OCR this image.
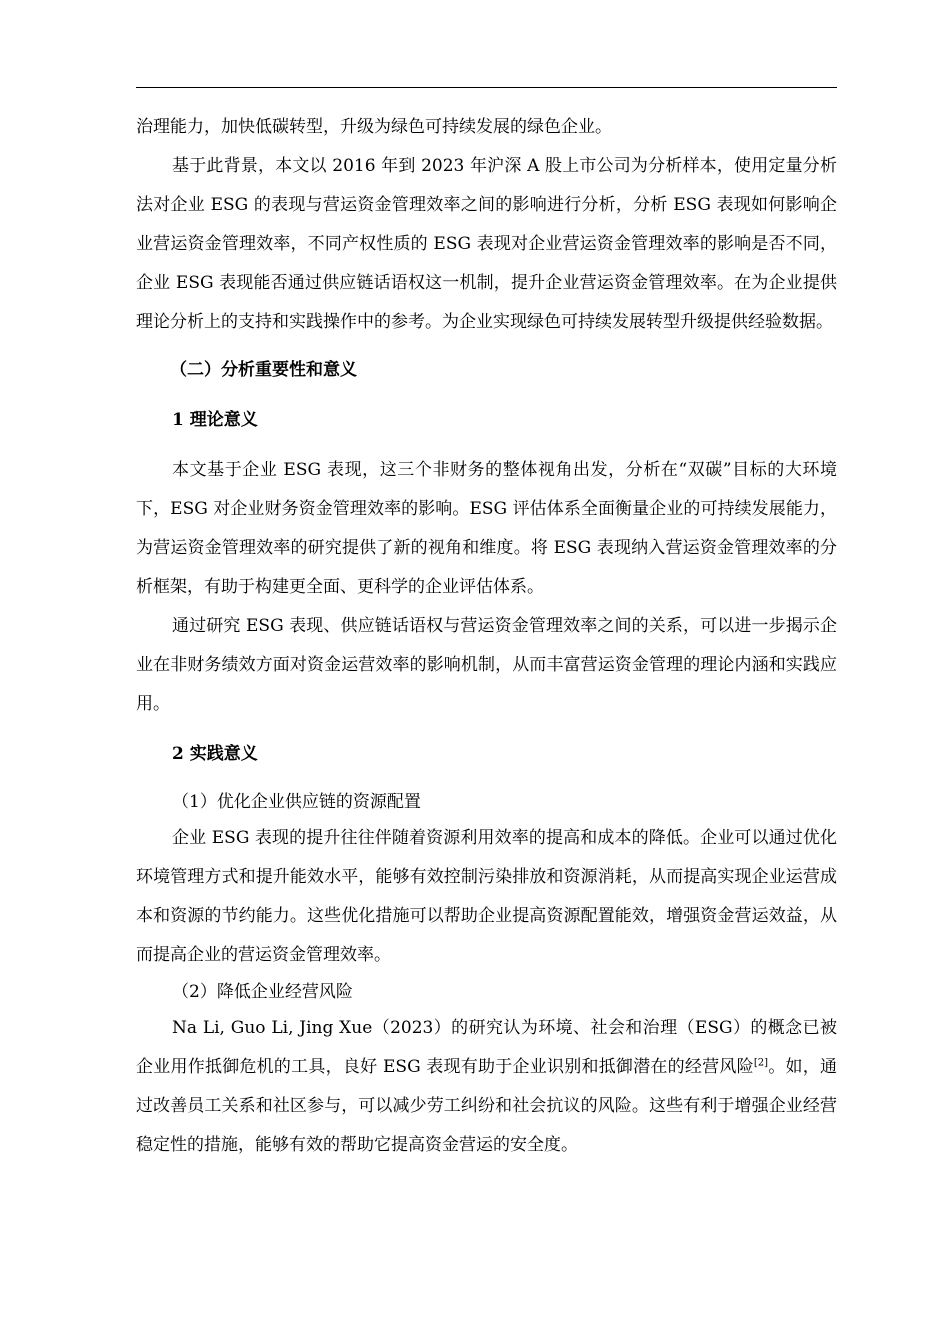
治理能力，加快低碳转型，升级为绿色可持续发展的绿色企业。

基于此背景，本文以 2016 年到 2023 年沪深 A 股上市公司为分析样本，使用定量分析法对企业 ESG 的表现与营运资金管理效率之间的影响进行分析，分析 ESG 表现如何影响企业营运资金管理效率，不同产权性质的 ESG 表现对企业营运资金管理效率的影响是否不同，企业 ESG 表现能否通过供应链话语权这一机制，提升企业营运资金管理效率。在为企业提供理论分析上的支持和实践操作中的参考。为企业实现绿色可持续发展转型升级提供经验数据。

（二）分析重要性和意义

1 理论意义

本文基于企业 ESG 表现，这三个非财务的整体视角出发，分析在“双碳”目标的大环境下，ESG 对企业财务资金管理效率的影响。ESG 评估体系全面衡量企业的可持续发展能力，为营运资金管理效率的研究提供了新的视角和维度。将 ESG 表现纳入营运资金管理效率的分析框架，有助于构建更全面、更科学的企业评估体系。

通过研究 ESG 表现、供应链话语权与营运资金管理效率之间的关系，可以进一步揭示企业在非财务绩效方面对资金运营效率的影响机制，从而丰富营运资金管理的理论内涵和实践应用。

2 实践意义

（1）优化企业供应链的资源配置

企业 ESG 表现的提升往往伴随着资源利用效率的提高和成本的降低。企业可以通过优化环境管理方式和提升能效水平，能够有效控制污染排放和资源消耗，从而提高实现企业运营成本和资源的节约能力。这些优化措施可以帮助企业提高资源配置能效，增强资金营运效益，从而提高企业的营运资金管理效率。

（2）降低企业经营风险

Na Li, Guo Li, Jing Xue（2023）的研究认为环境、社会和治理（ESG）的概念已被企业用作抵御危机的工具，良好 ESG 表现有助于企业识别和抵御潜在的经营风险[2]。如，通过改善员工关系和社区参与，可以减少劳工纠纷和社会抗议的风险。这些有利于增强企业经营稳定性的措施，能够有效的帮助它提高资金营运的安全度。
